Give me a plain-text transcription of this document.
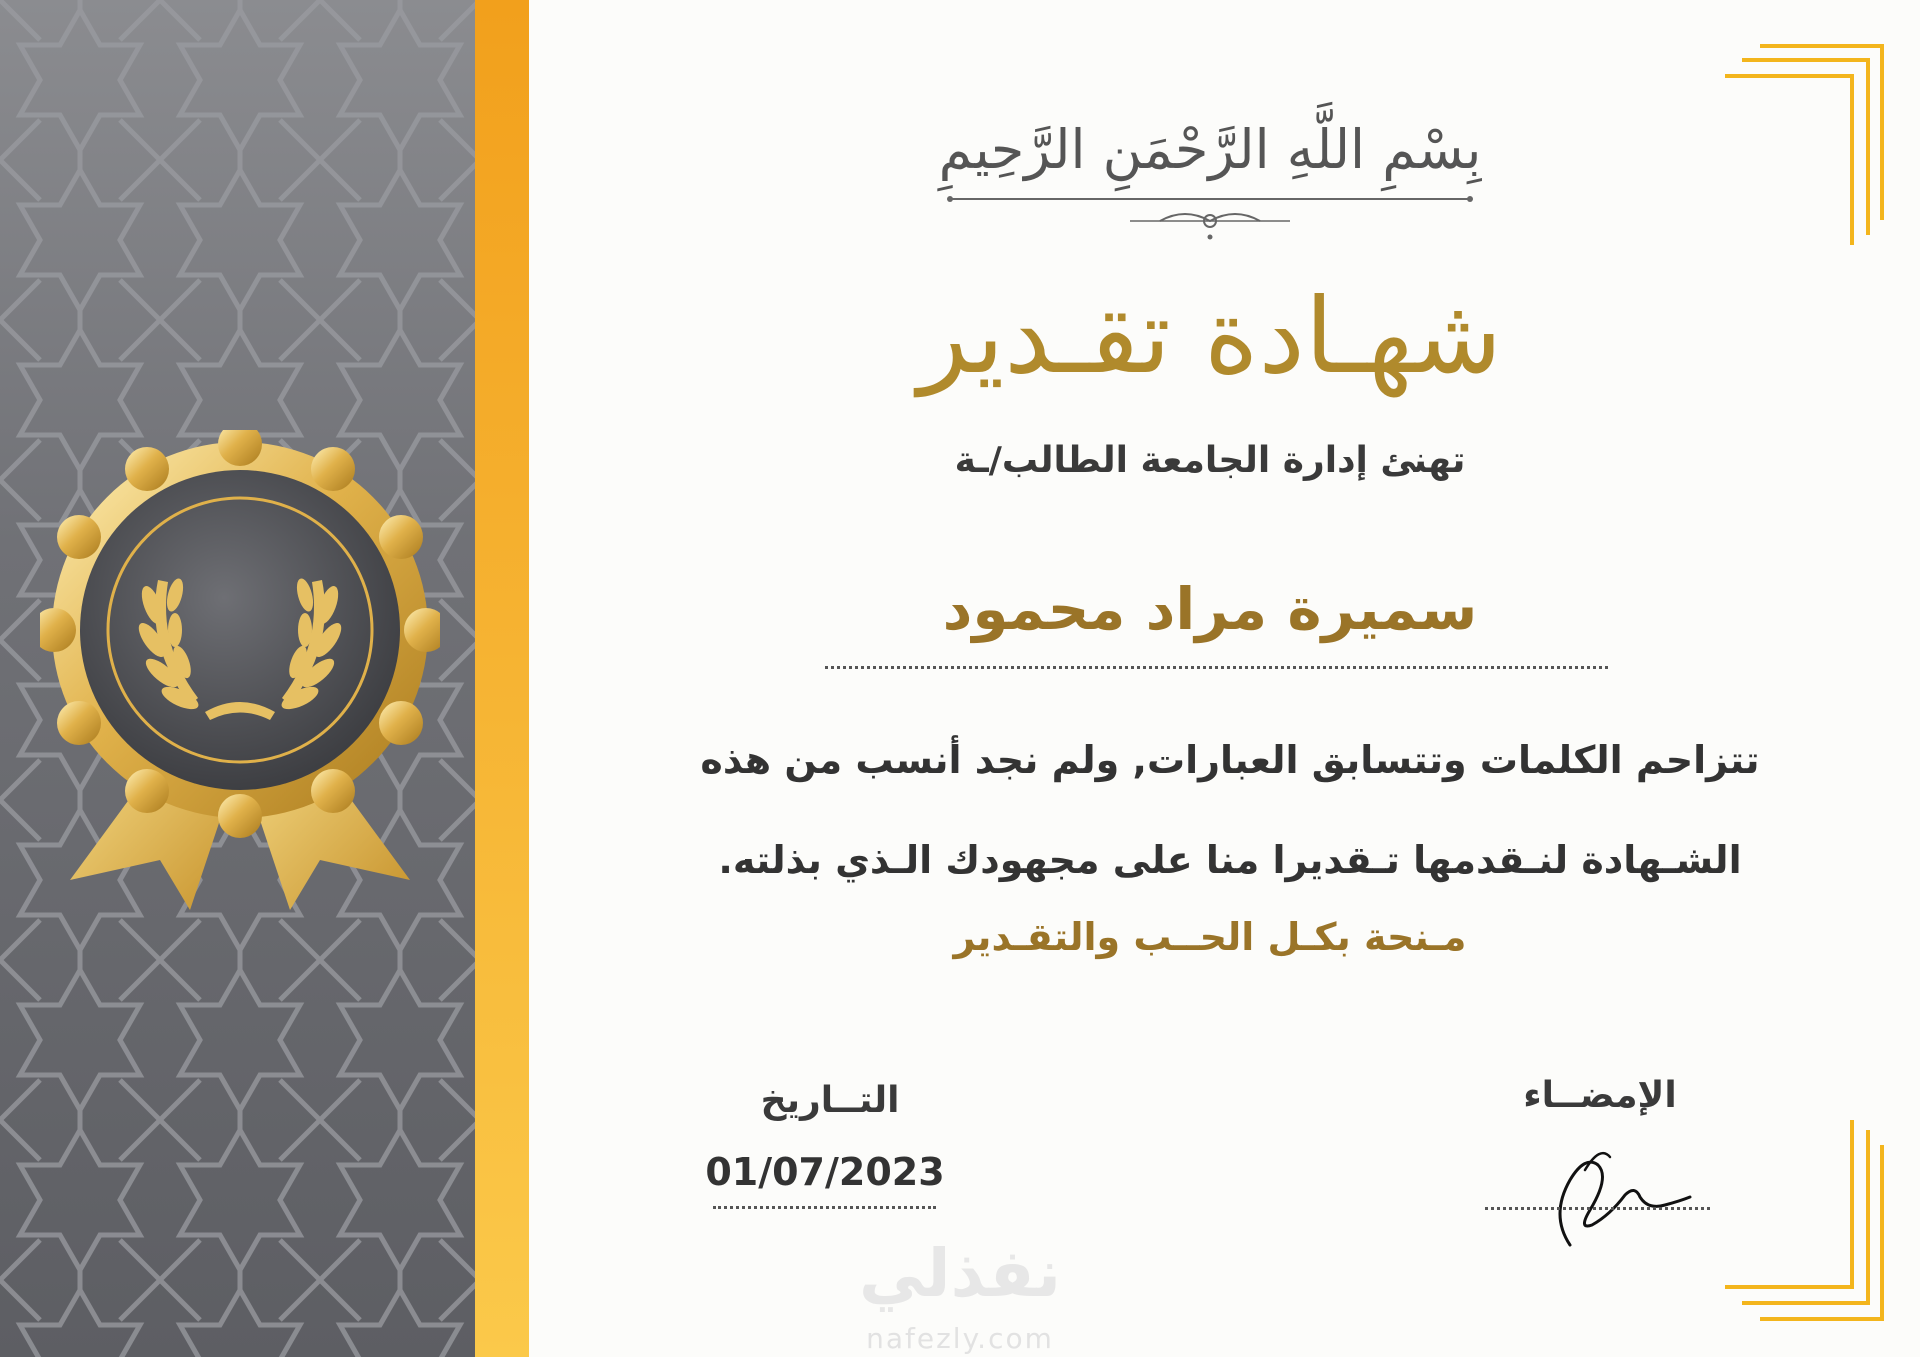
بِسْمِ اللَّهِ الرَّحْمَنِ الرَّحِيمِ
شهـادة تقـدير
تهنئ إدارة الجامعة الطالب/ـة
سميرة مراد محمود
تتزاحم الكلمات وتتسابق العبارات, ولم نجد أنسب من هذه
الشـهادة لنـقدمها تـقديرا منا على مجهودك الـذي بذلته.
مـنحة بكـل الحــب والتقـدير
الإمضــاء
التــاريخ
01/07/2023
نفذلي
nafezly.com
